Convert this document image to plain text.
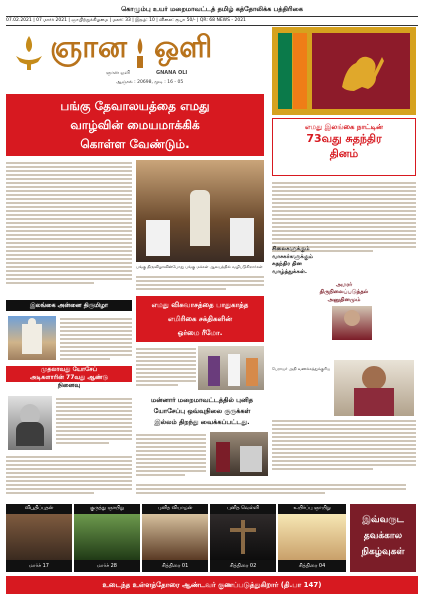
கொழும்பு உயர் மறைமாவட்டத் தமிழ் கத்தோலிக்க பத்திரிகை
07.02.2021 | 07 மார்ச் 2021 | ஞாயிற்றுக்கிழமை | மலர்: 33 | இதழ்: 10 | விலை: ரூபா 50/- | QR: 68 NEWS - 2021
ஞான ஒளி
ஞான ஒளி	GNANA OLI
ஆஞ்சல் : 20698, மூடி : 16 - 05
பங்கு தேவாலயத்தை எமது
வாழ்வின் மையமாக்கிக்
கொள்ள வேண்டும்.
எமது இலங்கை நாட்டின்
73வது சுதந்திர
தினம்
பங்கு திருவிழாவின்போது பங்கு மக்கள் ஆலயத்தில் வழிபடுகிறார்கள்
சிலைகளுக்கும் வாசகர்களுக்கும்
சுதந்திர தின
வாழ்த்துக்கள்.
இலங்கை அன்னை திருமிழா
முதலாவது யோசேப்
அடிகளாரின் 77வது ஆண்டு
நினைவு
எமது விசுவாசத்தை பாதுகாத்த
எமிரிகை சக்திகளின்
ஒர்மை ரீமோ.
அமரர்
திருநிலைப்படுத்தல்
அனுதினமும்
பேராயர் அதி வணக்கத்துக்குரிய
மன்னார் மறைமாவட்டத்தில் புனித
யோசேப்பு ஒவ்வுநிலை குருக்கள்
இல்லம் திறந்து வைக்கப்பட்டது.
விபூதிப்புதன்
மார்ச் 17
குருத்து ஞாயிறு
மார்ச் 28
புனித வியாழன்
சித்திரை 01
புனித வெள்ளி
சித்திரை 02
உயிர்ப்பு ஞாயிறு
சித்திரை 04
இவ்வருட
தவக்கால
நிகழ்வுகள்
உடைந்த உள்ளத்தோரை ஆண்டவர் குணப்படுத்துகிறார் (தி.பா 147)
